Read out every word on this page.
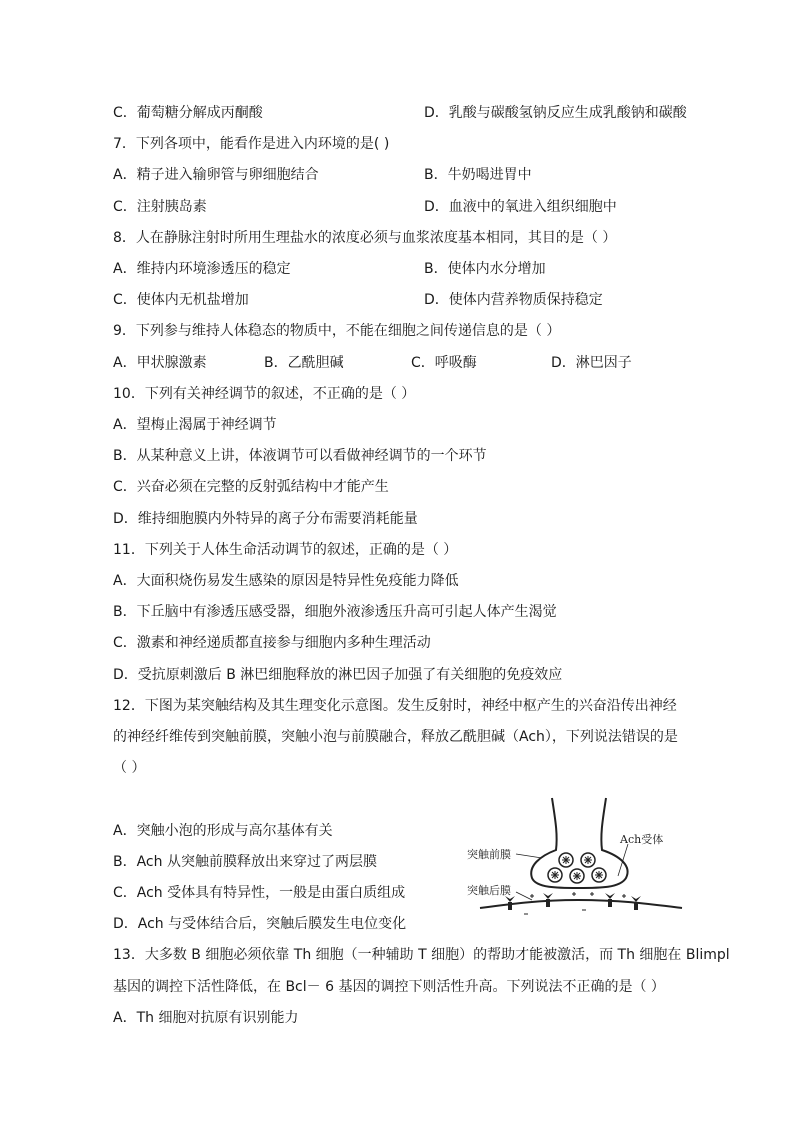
C．葡萄糖分解成丙酮酸	D．乳酸与碳酸氢钠反应生成乳酸钠和碳酸
7．下列各项中，能看作是进入内环境的是( )
A．精子进入输卵管与卵细胞结合	B．牛奶喝进胃中
C．注射胰岛素	D．血液中的氧进入组织细胞中
8．人在静脉注射时所用生理盐水的浓度必须与血浆浓度基本相同，其目的是（ ）
A．维持内环境渗透压的稳定	B．使体内水分增加
C．使体内无机盐增加	D．使体内营养物质保持稳定
9．下列参与维持人体稳态的物质中，不能在细胞之间传递信息的是（ ）
A．甲状腺激素	B．乙酰胆碱	C．呼吸酶	D．淋巴因子
10．下列有关神经调节的叙述，不正确的是（ ）
A．望梅止渴属于神经调节
B．从某种意义上讲，体液调节可以看做神经调节的一个环节
C．兴奋必须在完整的反射弧结构中才能产生
D．维持细胞膜内外特异的离子分布需要消耗能量
11．下列关于人体生命活动调节的叙述，正确的是（ ）
A．大面积烧伤易发生感染的原因是特异性免疫能力降低
B．下丘脑中有渗透压感受器，细胞外液渗透压升高可引起人体产生渴觉
C．激素和神经递质都直接参与细胞内多种生理活动
D．受抗原刺激后 B 淋巴细胞释放的淋巴因子加强了有关细胞的免疫效应
12．下图为某突触结构及其生理变化示意图。发生反射时，神经中枢产生的兴奋沿传出神经
的神经纤维传到突触前膜，突触小泡与前膜融合，释放乙酰胆碱（Ach），下列说法错误的是
（ ）
A．突触小泡的形成与高尔基体有关
B．Ach 从突触前膜释放出来穿过了两层膜
C．Ach 受体具有特异性，一般是由蛋白质组成
D．Ach 与受体结合后，突触后膜发生电位变化
Ach受体
突触前膜
突触后膜
13．大多数 B 细胞必须依靠 Th 细胞（一种辅助 T 细胞）的帮助才能被激活，而 Th 细胞在 Blimpl
基因的调控下活性降低，在 Bcl－ 6 基因的调控下则活性升高。下列说法不正确的是（ ）
A．Th 细胞对抗原有识别能力
